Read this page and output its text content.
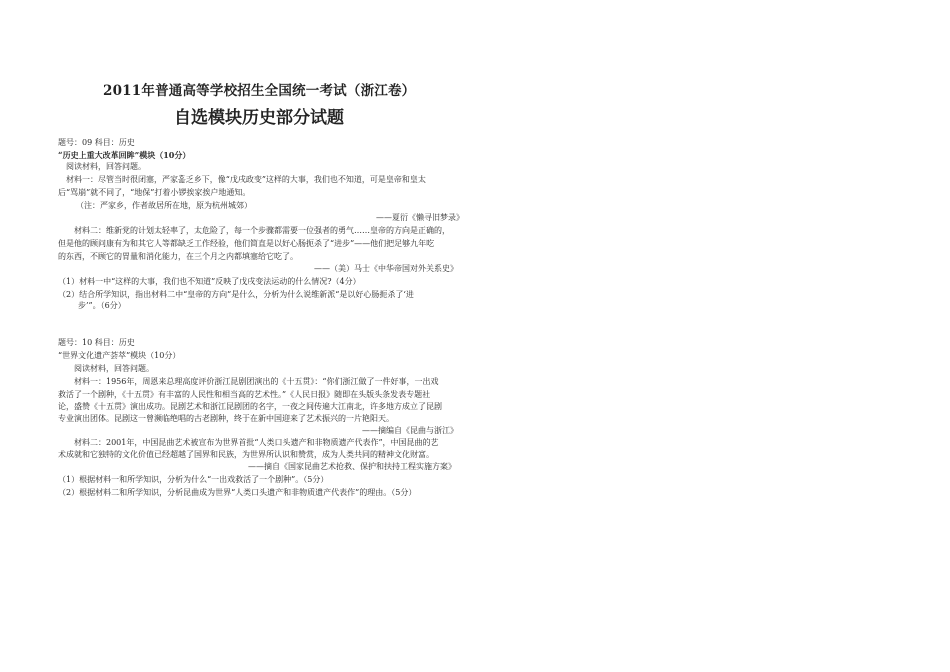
2011年普通高等学校招生全国统一考试（浙江卷）
自选模块历史部分试题
题号：09 科目：历史
“历史上重大改革回眸”模块（10分）
阅读材料，回答问题。
材料一：尽管当时很闭塞，严家홆乏乡下，像“戊戌政变”这样的大事，我们也不知道，可是皇帝和皇太
后“骂崩”就不同了，“地保”打着小锣挨家挨户地通知。
（注：严家乡，作者故居所在地，原为杭州城郊）
——夏衍《懒寻旧梦录》
材料二：维新党的计划太轻率了，太危险了，每一个步骤都需要一位强者的勇气……皇帝的方向是正确的，
但是他的顾问康有为和其它人等都缺乏工作经验，他们简直是以好心肠扼杀了“进步”——他们把足够九年吃
的东西，不顾它的胃量和消化能力，在三个月之内都填塞给它吃了。
——（美）马士《中华帝国对外关系史》
（1）材料一中“这样的大事，我们也不知道”反映了戊戌变法运动的什么情况?（4分）
（2）结合所学知识，指出材料二中“皇帝的方向”是什么，分析为什么说维新派“是以好心肠扼杀了‘进
步’”。（6分）
题号：10 科目：历史
“世界文化遗产荟萃”模块（10分）
阅读材料，回答问题。
材料一：1956年，周恩来总理高度评价浙江昆剧团演出的《十五贯》：“你们浙江做了一件好事，一出戏
救活了一个剧种，《十五贯》有丰富的人民性和相当高的艺术性。”《人民日报》随即在头版头条发表专题社
论，盛赞《十五贯》演出成功。昆剧艺术和浙江昆剧团的名字，一夜之间传遍大江南北，许多地方成立了昆剧
专业演出团体。昆剧这一曾濒临绝唱的古老剧种，终于在新中国迎来了艺术振兴的一片艳阳天。
——摘编自《昆曲与浙江》
材料二：2001年，中国昆曲艺术被宣布为世界首批“人类口头遗产和非物质遗产代表作”，中国昆曲的艺
术成就和它独特的文化价值已经超越了国界和民族，为世界所认识和赞赏，成为人类共同的精神文化财富。
——摘自《国家昆曲艺术抢救、保护和扶持工程实施方案》
（1）根据材料一和所学知识，分析为什么“一出戏救活了一个剧种”。（5分）
（2）根据材料二和所学知识，分析昆曲成为世界“人类口头遗产和非物质遗产代表作”的理由。（5分）
